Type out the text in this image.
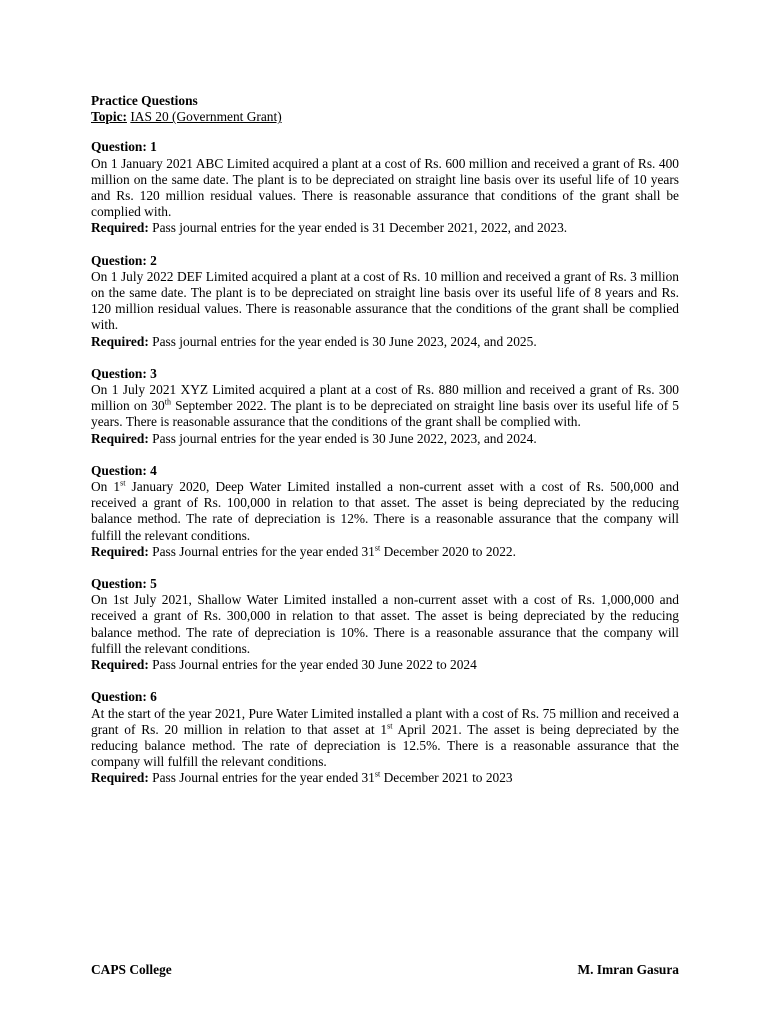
Practice Questions
Topic: IAS 20 (Government Grant)
Question: 1

On 1 January 2021 ABC Limited acquired a plant at a cost of Rs. 600 million and received a grant of Rs. 400 million on the same date. The plant is to be depreciated on straight line basis over its useful life of 10 years and Rs. 120 million residual values. There is reasonable assurance that conditions of the grant shall be complied with.

Required: Pass journal entries for the year ended is 31 December 2021, 2022, and 2023.

Question: 2

On 1 July 2022 DEF Limited acquired a plant at a cost of Rs. 10 million and received a grant of Rs. 3 million on the same date. The plant is to be depreciated on straight line basis over its useful life of 8 years and Rs. 120 million residual values. There is reasonable assurance that the conditions of the grant shall be complied with.

Required: Pass journal entries for the year ended is 30 June 2023, 2024, and 2025.

Question: 3

On 1 July 2021 XYZ Limited acquired a plant at a cost of Rs. 880 million and received a grant of Rs. 300 million on 30th September 2022. The plant is to be depreciated on straight line basis over its useful life of 5 years. There is reasonable assurance that the conditions of the grant shall be complied with.

Required: Pass journal entries for the year ended is 30 June 2022, 2023, and 2024.

Question: 4

On 1st January 2020, Deep Water Limited installed a non-current asset with a cost of Rs. 500,000 and received a grant of Rs. 100,000 in relation to that asset. The asset is being depreciated by the reducing balance method. The rate of depreciation is 12%. There is a reasonable assurance that the company will fulfill the relevant conditions.

Required: Pass Journal entries for the year ended 31st December 2020 to 2022.

Question: 5

On 1st July 2021, Shallow Water Limited installed a non-current asset with a cost of Rs. 1,000,000 and received a grant of Rs. 300,000 in relation to that asset. The asset is being depreciated by the reducing balance method. The rate of depreciation is 10%. There is a reasonable assurance that the company will fulfill the relevant conditions.

Required: Pass Journal entries for the year ended 30 June 2022 to 2024

Question: 6

At the start of the year 2021, Pure Water Limited installed a plant with a cost of Rs. 75 million and received a grant of Rs. 20 million in relation to that asset at 1st April 2021. The asset is being depreciated by the reducing balance method. The rate of depreciation is 12.5%. There is a reasonable assurance that the company will fulfill the relevant conditions.

Required: Pass Journal entries for the year ended 31st December 2021 to 2023

CAPS College	M. Imran Gasura
